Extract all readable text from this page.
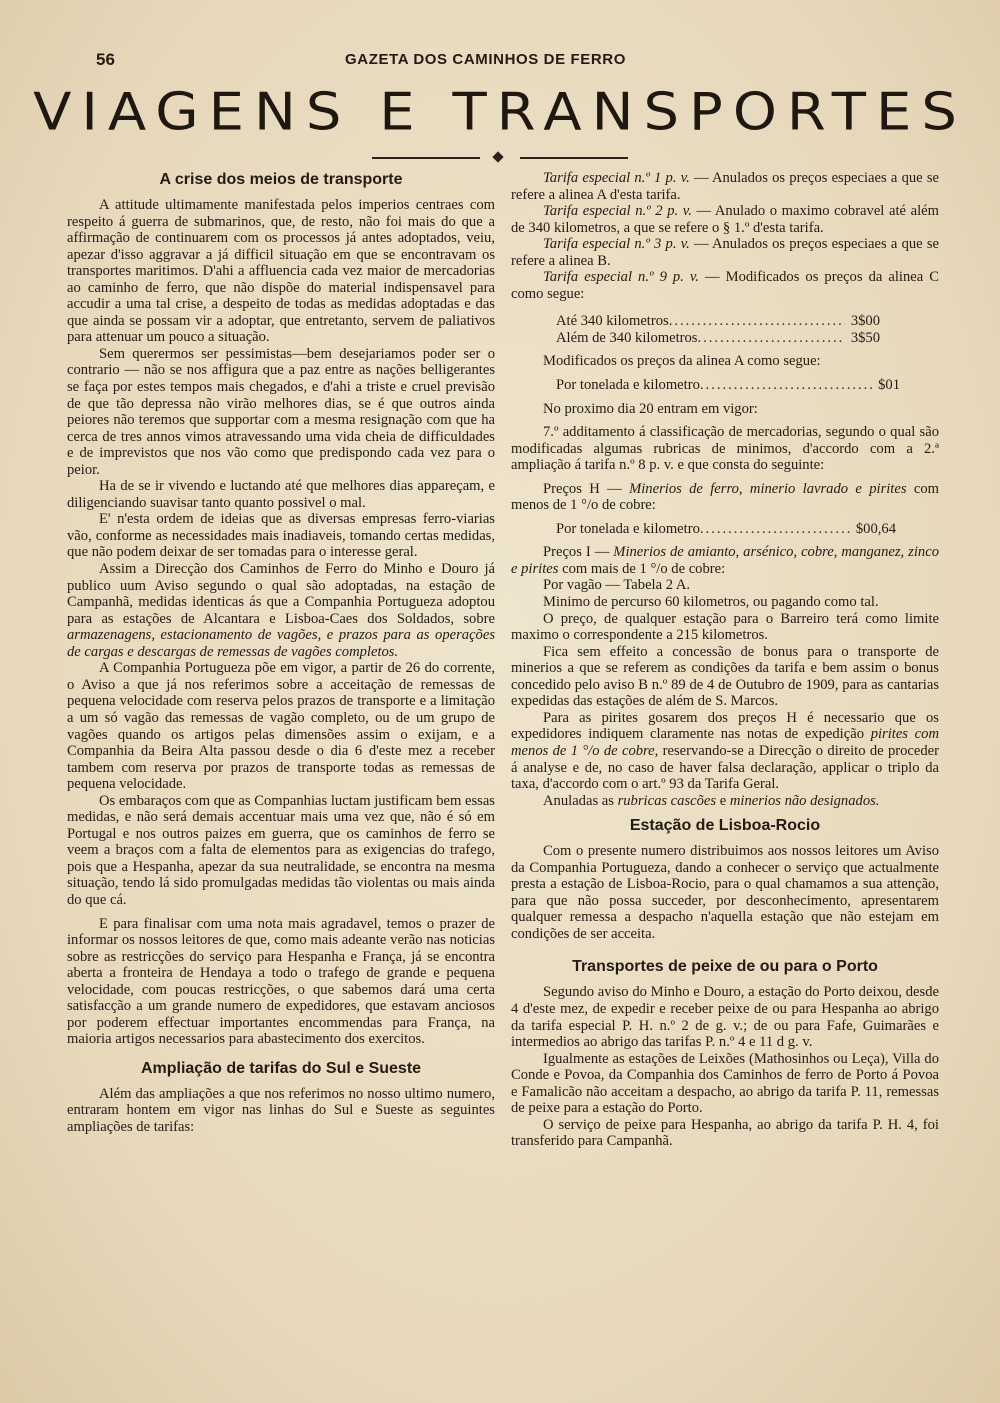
56	GAZETA DOS CAMINHOS DE FERRO
VIAGENS E TRANSPORTES
A crise dos meios de transporte

A attitude ultimamente manifestada pelos imperios centraes com respeito á guerra de submarinos, que, de resto, não foi mais do que a affirmação de continuarem com os processos já antes adoptados, veiu, apezar d'isso aggravar a já difficil situação em que se encontravam os transportes maritimos. D'ahi a affluencia cada vez maior de mercadorias ao caminho de ferro, que não dispõe do material indispensavel para accudir a uma tal crise, a despeito de todas as medidas adoptadas e das que ainda se possam vir a adoptar, que entretanto, servem de paliativos para attenuar um pouco a situação.

Sem querermos ser pessimistas—bem desejariamos poder ser o contrario — não se nos affigura que a paz entre as nações belligerantes se faça por estes tempos mais chegados, e d'ahi a triste e cruel previsão de que tão depressa não virão melhores dias, se é que outros ainda peiores não teremos que supportar com a mesma resignação com que ha cerca de tres annos vimos atravessando uma vida cheia de difficuldades e de imprevistos que nos vão como que predispondo cada vez para o peior.

Ha de se ir vivendo e luctando até que melhores dias appareçam, e diligenciando suavisar tanto quanto possivel o mal.

E' n'esta ordem de ideias que as diversas empresas ferro-viarias vão, conforme as necessidades mais inadiaveis, tomando certas medidas, que não podem deixar de ser tomadas para o interesse geral.

Assim a Direcção dos Caminhos de Ferro do Minho e Douro já publico uum Aviso segundo o qual são adoptadas, na estação de Campanhã, medidas identicas ás que a Companhia Portugueza adoptou para as estações de Alcantara e Lisboa-Caes dos Soldados, sobre armazenagens, estacionamento de vagões, e prazos para as operações de cargas e descargas de remessas de vagões completos.

A Companhia Portugueza põe em vigor, a partir de 26 do corrente, o Aviso a que já nos referimos sobre a acceitação de remessas de pequena velocidade com reserva pelos prazos de transporte e a limitação a um só vagão das remessas de vagão completo, ou de um grupo de vagões quando os artigos pelas dimensões assim o exijam, e a Companhia da Beira Alta passou desde o dia 6 d'este mez a receber tambem com reserva por prazos de transporte todas as remessas de pequena velocidade.

Os embaraços com que as Companhias luctam justificam bem essas medidas, e não será demais accentuar mais uma vez que, não é só em Portugal e nos outros paizes em guerra, que os caminhos de ferro se veem a braços com a falta de elementos para as exigencias do trafego, pois que a Hespanha, apezar da sua neutralidade, se encontra na mesma situação, tendo lá sido promulgadas medidas tão violentas ou mais ainda do que cá.

E para finalisar com uma nota mais agradavel, temos o prazer de informar os nossos leitores de que, como mais adeante verão nas noticias sobre as restricções do serviço para Hespanha e França, já se encontra aberta a fronteira de Hendaya a todo o trafego de grande e pequena velocidade, com poucas restricções, o que sabemos dará uma certa satisfacção a um grande numero de expedidores, que estavam anciosos por poderem effectuar importantes encommendas para França, na maioria artigos necessarios para abastecimento dos exercitos.

Ampliação de tarifas do Sul e Sueste

Além das ampliações a que nos referimos no nosso ultimo numero, entraram hontem em vigor nas linhas do Sul e Sueste as seguintes ampliações de tarifas:

Tarifa especial n.º 1 p. v. — Anulados os preços especiaes a que se refere a alinea A d'esta tarifa.

Tarifa especial n.º 2 p. v. — Anulado o maximo cobravel até além de 340 kilometros, a que se refere o § 1.º d'esta tarifa.

Tarifa especial n.º 3 p. v. — Anulados os preços especiaes a que se refere a alinea B.

Tarifa especial n.º 9 p. v. — Modificados os preços da alinea C como segue:

Até 340 kilometros .....	3$00
Além de 340 kilometros .....	3$50

Modificados os preços da alinea A como segue:

Por tonelada e kilometro .....	$01

No proximo dia 20 entram em vigor:

7.º additamento á classificação de mercadorias, segundo o qual são modificadas algumas rubricas de minimos, d'accordo com a 2.ª ampliação á tarifa n.º 8 p. v. e que consta do seguinte:

Preços H — Minerios de ferro, minerio lavrado e pirites com menos de 1 °/o de cobre:

Por tonelada e kilometro .....	$00,64

Preços I — Minerios de amianto, arsénico, cobre, manganez, zinco e pirites com mais de 1 °/o de cobre:

Por vagão — Tabela 2 A.

Minimo de percurso 60 kilometros, ou pagando como tal.

O preço, de qualquer estação para o Barreiro terá como limite maximo o correspondente a 215 kilometros.

Fica sem effeito a concessão de bonus para o transporte de minerios a que se referem as condições da tarifa e bem assim o bonus concedido pelo aviso B n.º 89 de 4 de Outubro de 1909, para as cantarias expedidas das estações de além de S. Marcos.

Para as pirites gosarem dos preços H é necessario que os expedidores indiquem claramente nas notas de expedição pirites com menos de 1 °/o de cobre, reservando-se a Direcção o direito de proceder á analyse e de, no caso de haver falsa declaração, applicar o triplo da taxa, d'accordo com o art.º 93 da Tarifa Geral.

Anuladas as rubricas cascões e minerios não designados.

Estação de Lisboa-Rocio

Com o presente numero distribuimos aos nossos leitores um Aviso da Companhia Portugueza, dando a conhecer o serviço que actualmente presta a estação de Lisboa-Rocio, para o qual chamamos a sua attenção, para que não possa succeder, por desconhecimento, apresentarem qualquer remessa a despacho n'aquella estação que não estejam em condições de ser acceita.

Transportes de peixe de ou para o Porto

Segundo aviso do Minho e Douro, a estação do Porto deixou, desde 4 d'este mez, de expedir e receber peixe de ou para Hespanha ao abrigo da tarifa especial P. H. n.º 2 de g. v.; de ou para Fafe, Guimarães e intermedios ao abrigo das tarifas P. n.º 4 e 11 d g. v.

Igualmente as estações de Leixões (Mathosinhos ou Leça), Villa do Conde e Povoa, da Companhia dos Caminhos de ferro de Porto á Povoa e Famalicão não acceitam a despacho, ao abrigo da tarifa P. 11, remessas de peixe para a estação do Porto.

O serviço de peixe para Hespanha, ao abrigo da tarifa P. H. 4, foi transferido para Campanhã.
